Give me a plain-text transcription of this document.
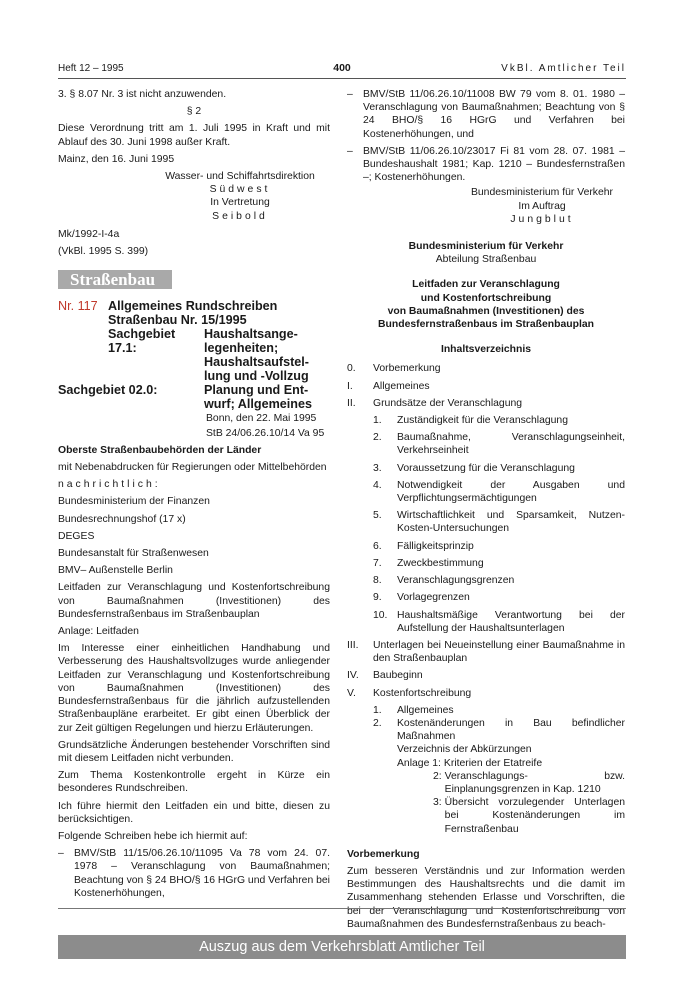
Heft 12 – 1995	400	VkBl. Amtlicher Teil

3. § 8.07 Nr. 3 ist nicht anzuwenden.

§ 2

Diese Verordnung tritt am 1. Juli 1995 in Kraft und mit Ablauf des 30. Juni 1998 außer Kraft.

Mainz, den 16. Juni 1995

Wasser- und Schiffahrtsdirektion
Südwest
In Vertretung
Seibold

Mk/1992-I-4a

(VkBl. 1995 S. 399)

Straßenbau
Nr. 117 Allgemeines Rundschreiben
Straßenbau Nr. 15/1995
Sachgebiet 17.1:
Haushaltsange-
legenheiten;
Haushaltsaufstel-
lung und -Vollzug
Sachgebiet 02.0:	Planung und Ent-
wurf; Allgemeines
Bonn, den 22. Mai 1995
StB 24/06.26.10/14 Va 95

Oberste Straßenbaubehörden der Länder

mit Nebenabdrucken für Regierungen oder Mittelbehörden

nachrichtlich:

Bundesministerium der Finanzen

Bundesrechnungshof (17 x)

DEGES

Bundesanstalt für Straßenwesen

BMV– Außenstelle Berlin

Leitfaden zur Veranschlagung und Kostenfortschreibung von Baumaßnahmen (Investitionen) des Bundesfernstraßenbaus im Straßenbauplan

Anlage: Leitfaden

Im Interesse einer einheitlichen Handhabung und Verbesserung des Haushaltsvollzuges wurde anliegender Leitfaden zur Veranschlagung und Kostenfortschreibung von Baumaßnahmen (Investitionen) des Bundesfernstraßenbaus für die jährlich aufzustellenden Straßenbaupläne erarbeitet. Er gibt einen Überblick der zur Zeit gültigen Regelungen und hierzu Erläuterungen.

Grundsätzliche Änderungen bestehender Vorschriften sind mit diesem Leitfaden nicht verbunden.

Zum Thema Kostenkontrolle ergeht in Kürze ein besonderes Rundschreiben.

Ich führe hiermit den Leitfaden ein und bitte, diesen zu berücksichtigen.

Folgende Schreiben hebe ich hiermit auf:

– BMV/StB 11/15/06.26.10/11095 Va 78 vom 24. 07. 1978 – Veranschlagung von Baumaßnahmen; Beachtung von § 24 BHO/§ 16 HGrG und Verfahren bei Kostenerhöhungen,
– BMV/StB 11/06.26.10/11008 BW 79 vom 8. 01. 1980 – Veranschlagung von Baumaßnahmen; Beachtung von § 24 BHO/§ 16 HGrG und Verfahren bei Kostenerhöhungen, und
– BMV/StB 11/06.26.10/23017 Fi 81 vom 28. 07. 1981 – Bundeshaushalt 1981; Kap. 1210 – Bundesfernstraßen –; Kostenerhöhungen.
Bundesministerium für Verkehr
Im Auftrag
Jungblut
Bundesministerium für Verkehr
Abteilung Straßenbau
Leitfaden zur Veranschlagung
und Kostenfortschreibung
von Baumaßnahmen (Investitionen) des
Bundesfernstraßenbaus im Straßenbauplan
Inhaltsverzeichnis
0.	Vorbemerkung
I.	Allgemeines
II.	Grundsätze der Veranschlagung
1.	Zuständigkeit für die Veranschlagung
2.	Baumaßnahme, Veranschlagungseinheit, Verkehrseinheit
3.	Voraussetzung für die Veranschlagung
4.	Notwendigkeit der Ausgaben und Verpflichtungsermächtigungen
5.	Wirtschaftlichkeit und Sparsamkeit, Nutzen-Kosten-Untersuchungen
6.	Fälligkeitsprinzip
7.	Zweckbestimmung
8.	Veranschlagungsgrenzen
9.	Vorlagegrenzen
10. Haushaltsmäßige Verantwortung bei der Aufstellung der Haushaltsunterlagen
III.	Unterlagen bei Neueinstellung einer Baumaßnahme in den Straßenbauplan
IV.	Baubeginn
V.	Kostenfortschreibung
1.	Allgemeines
2.	Kostenänderungen in Bau befindlicher Maßnahmen
Verzeichnis der Abkürzungen
Anlage 1: Kriterien der Etatreife
2: Veranschlagungs- bzw. Einplanungsgrenzen in Kap. 1210
3: Übersicht vorzulegender Unterlagen bei Kostenänderungen im Fernstraßenbau
Vorbemerkung

Zum besseren Verständnis und zur Information werden Bestimmungen des Haushaltsrechts und die damit im Zusammenhang stehenden Erlasse und Vorschriften, die bei der Veranschlagung und Kostenfortschreibung von Baumaßnahmen des Bundesfernstraßenbaus zu beach-

Auszug aus dem Verkehrsblatt Amtlicher Teil
